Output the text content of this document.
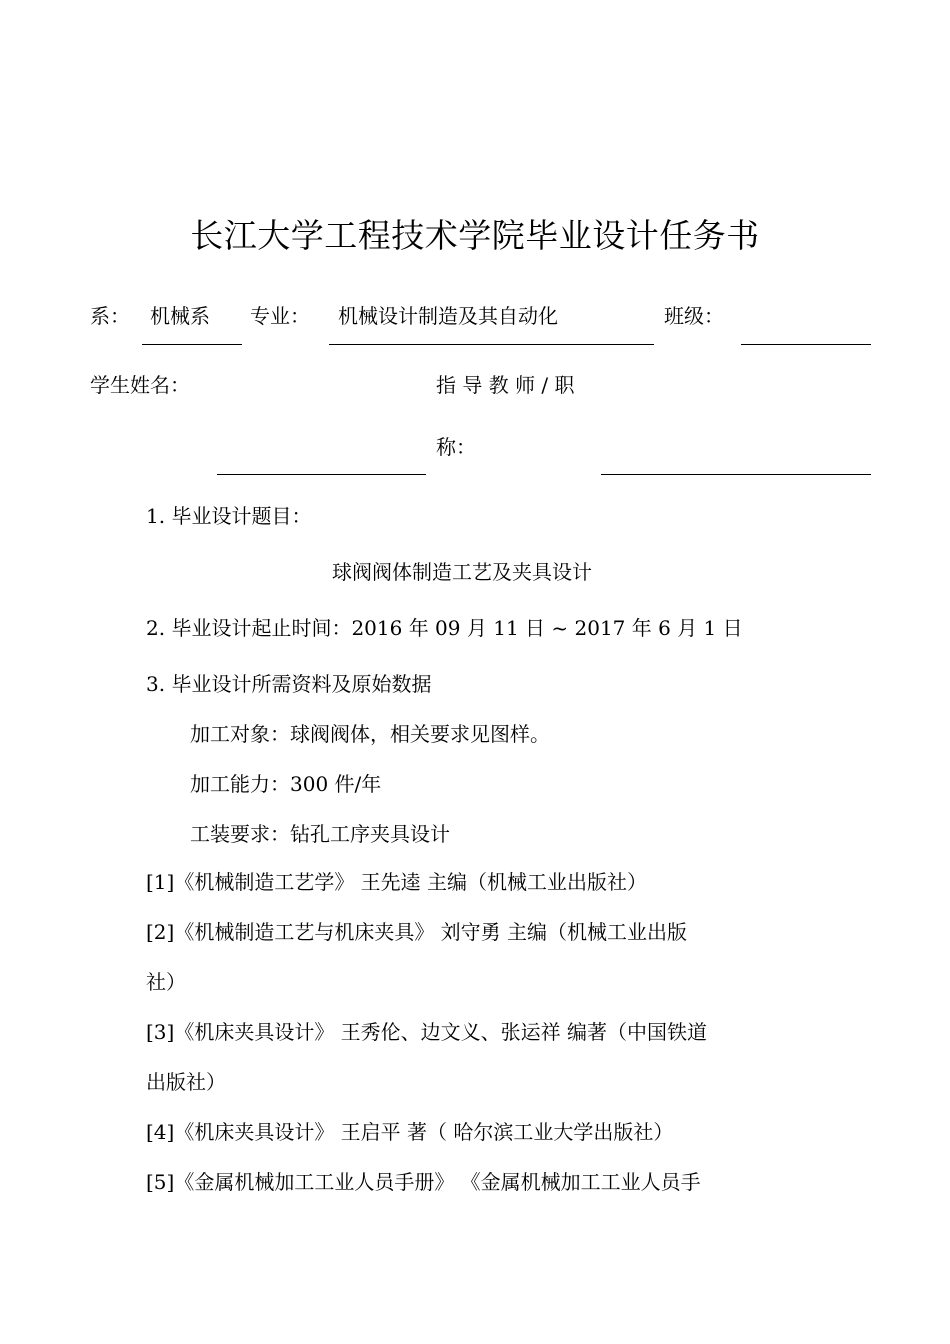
长江大学工程技术学院毕业设计任务书
系： 机械系 专业： 机械设计制造及其自动化	班级：
学生姓名：	指 导 教 师 / 职
称：
1. 毕业设计题目：
球阀阀体制造工艺及夹具设计
2. 毕业设计起止时间：2016 年 09 月 11 日 ~ 2017 年 6 月 1 日
3. 毕业设计所需资料及原始数据
加工对象：球阀阀体，相关要求见图样。
加工能力：300 件/年
工装要求：钻孔工序夹具设计
[1]《机械制造工艺学》 王先逵 主编（机械工业出版社）
[2]《机械制造工艺与机床夹具》 刘守勇 主编（机械工业出版
社）
[3]《机床夹具设计》 王秀伦、边文义、张运祥 编著（中国铁道
出版社）
[4]《机床夹具设计》 王启平 著（ 哈尔滨工业大学出版社）
[5]《金属机械加工工业人员手册》 《金属机械加工工业人员手
